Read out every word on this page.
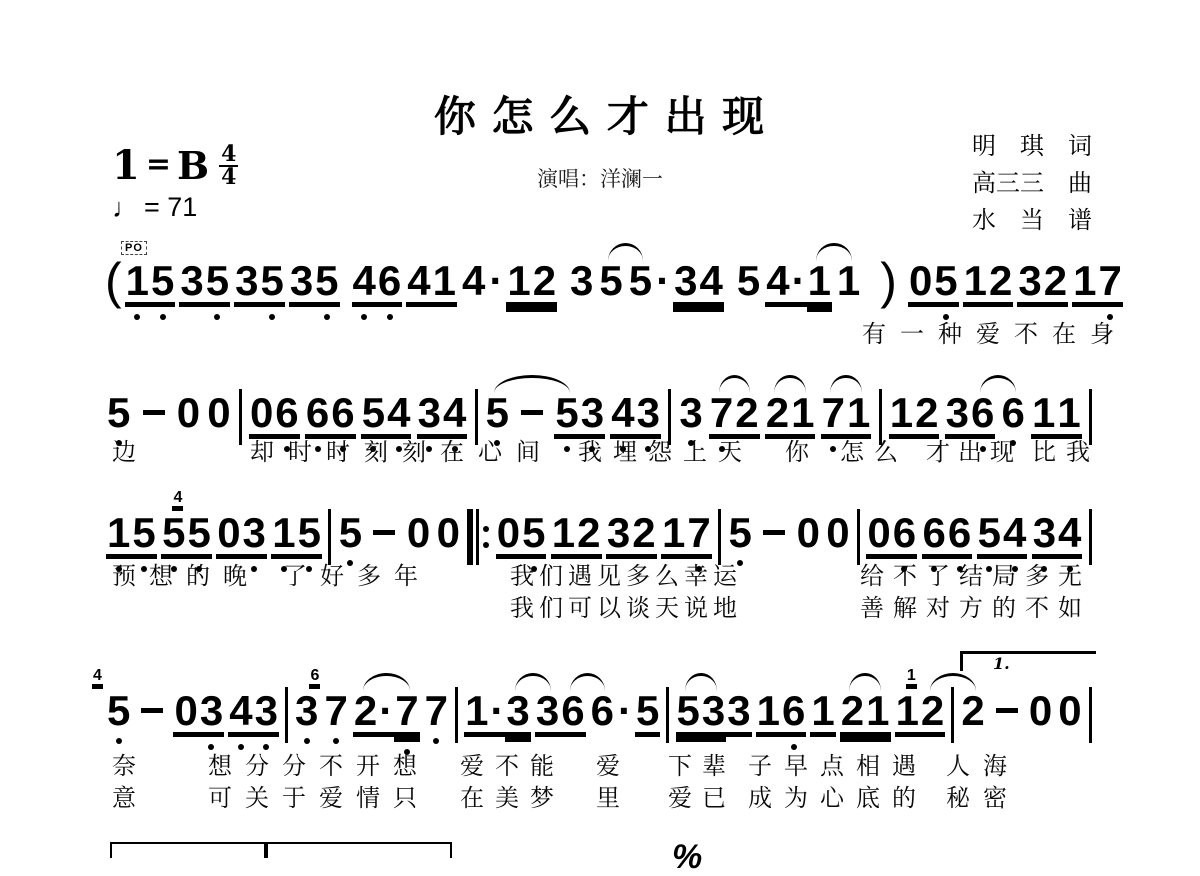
你 怎 么 才 出 现
明　琪　词
高三三　曲
水　当　谱
演唱：洋澜一
1 = B 4
4
♩ = 71
PO
( 1 5 3 5 3 5 3 5 4 6 4 1 4 · 1 2 3 5 5 · 3 4 5 4 · 1 1 ) 0 5 1 2 3 2 1 7
5 0 0 0 6 6 6 5 4 3 4 5 5 3 4 3 3 7 2 2 1 7 1 1 2 3 6 6 1 1
1 5 5 5
4
0 3 1 5 5 0 0 0 5 1 2 3 2 1 7 5 0 0 0 6 6 6 5 4 3 4
5
4
0 3 4 3 3 7
6
2 · 7 7 1 · 3 3 6 6 · 5 5 3 3 1 6 1 2 1 1 2
1
2 0 0
有一种爱不在身
边	却时时刻刻在心间 我埋怨上天 你 怎么 才出现 比我
预想的晚 了好多年	我们遇见多么幸运	给不了结局多无
我们可以谈天说地	善解对方的不如
奈	想分分不开想 爱不能 爱 下辈 子早点相遇 人海
意	可关于爱情只 在美梦 里 爱已 成为心底的 秘密
1.
%
